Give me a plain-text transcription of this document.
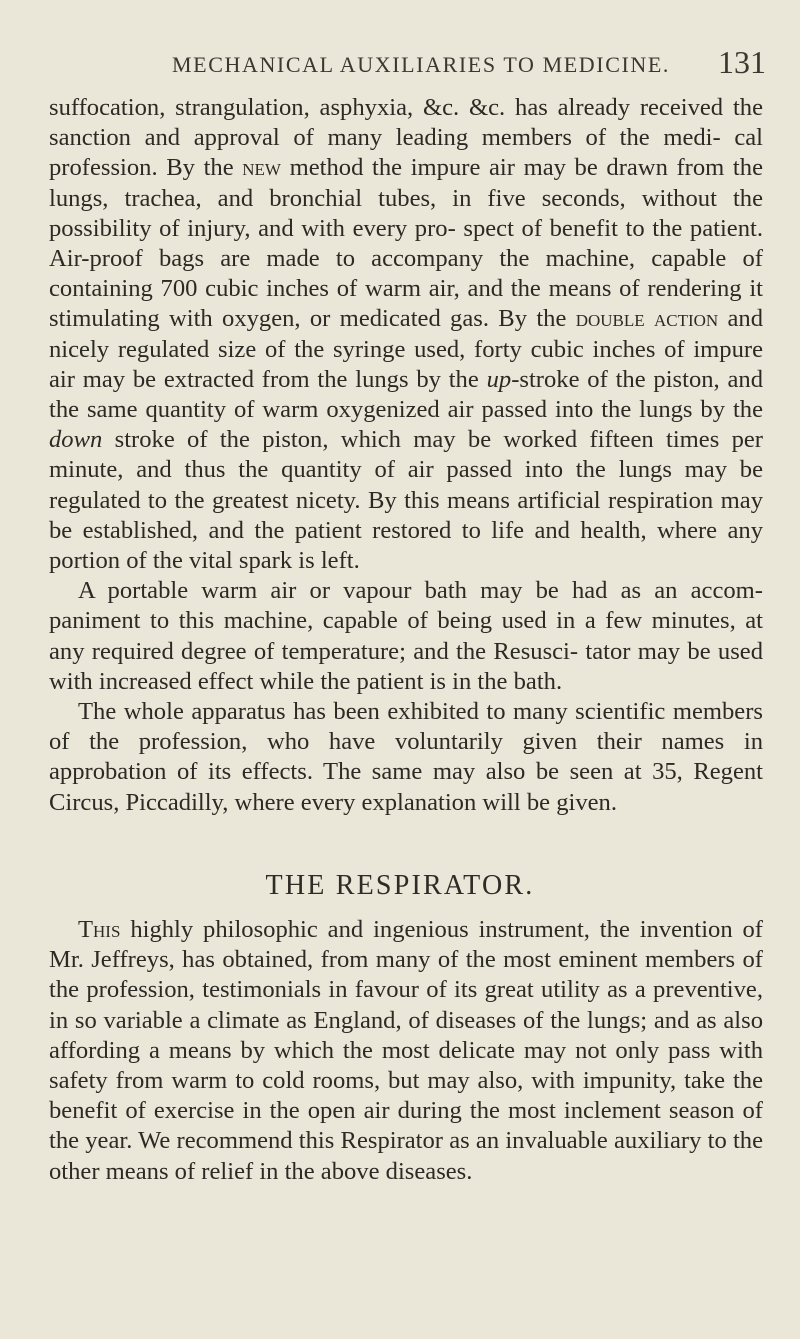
MECHANICAL AUXILIARIES TO MEDICINE.	131

suffocation, strangulation, asphyxia, &c. &c. has already received the sanction and approval of many leading members of the medi- cal profession. By the new method the impure air may be drawn from the lungs, trachea, and bronchial tubes, in five seconds, without the possibility of injury, and with every pro- spect of benefit to the patient. Air-proof bags are made to accompany the machine, capable of containing 700 cubic inches of warm air, and the means of rendering it stimulating with oxygen, or medicated gas. By the double action and nicely regulated size of the syringe used, forty cubic inches of impure air may be extracted from the lungs by the up-stroke of the piston, and the same quantity of warm oxygenized air passed into the lungs by the down stroke of the piston, which may be worked fifteen times per minute, and thus the quantity of air passed into the lungs may be regulated to the greatest nicety. By this means artificial respiration may be established, and the patient restored to life and health, where any portion of the vital spark is left.

A portable warm air or vapour bath may be had as an accom- paniment to this machine, capable of being used in a few minutes, at any required degree of temperature; and the Resusci- tator may be used with increased effect while the patient is in the bath.

The whole apparatus has been exhibited to many scientific members of the profession, who have voluntarily given their names in approbation of its effects. The same may also be seen at 35, Regent Circus, Piccadilly, where every explanation will be given.

THE RESPIRATOR.

This highly philosophic and ingenious instrument, the invention of Mr. Jeffreys, has obtained, from many of the most eminent members of the profession, testimonials in favour of its great utility as a preventive, in so variable a climate as England, of diseases of the lungs; and as also affording a means by which the most delicate may not only pass with safety from warm to cold rooms, but may also, with impunity, take the benefit of exercise in the open air during the most inclement season of the year. We recommend this Respirator as an invaluable auxiliary to the other means of relief in the above diseases.
